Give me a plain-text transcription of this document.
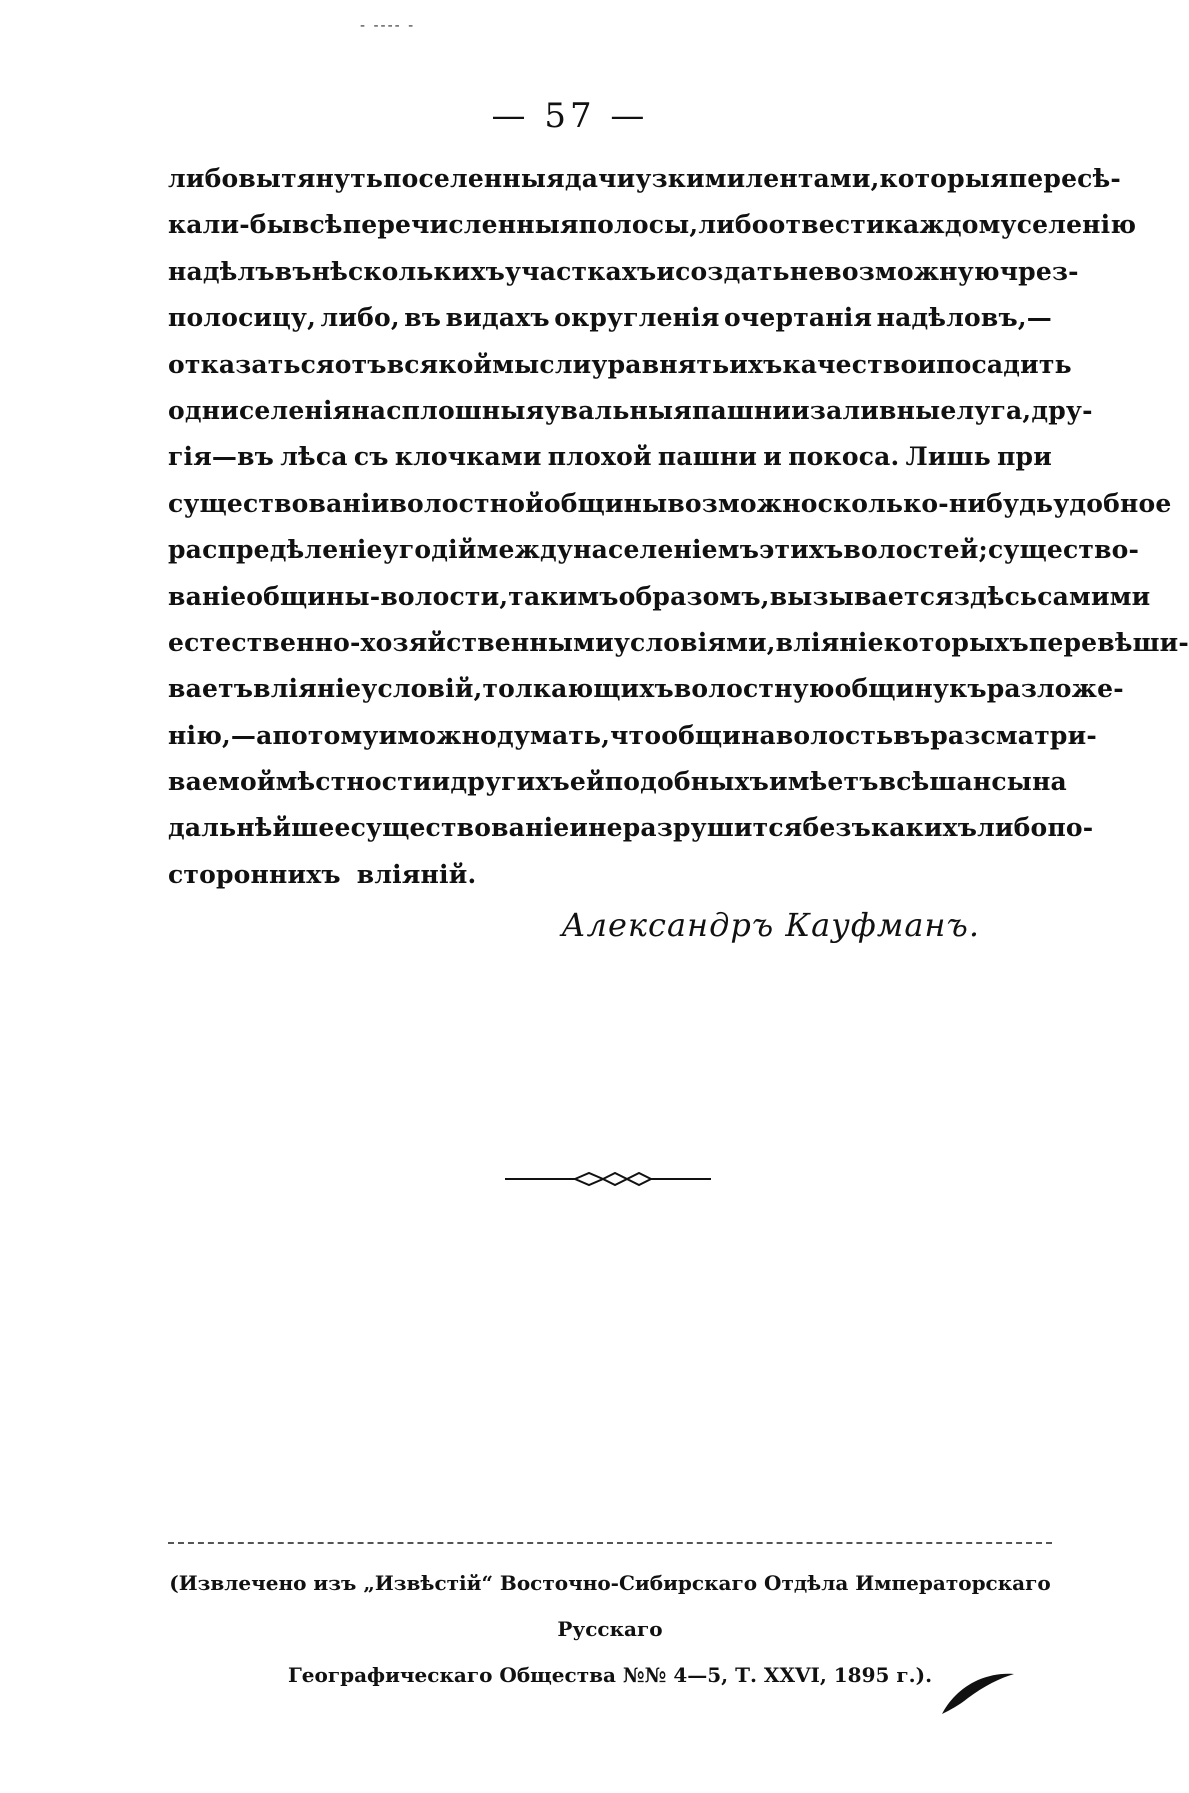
‐ ‐‐‐‐ ‐
— 57 —
либо вытянуть поселенныя дачи узкими лентами, которыя пересѣ-
кали-бы всѣ перечисленныя полосы, либо отвести каждому селенію
надѣлъ въ нѣсколькихъ участкахъ и создать невозможную чрез-
полосицу, либо, въ видахъ округленія очертанія надѣловъ,—
отказаться отъ всякой мысли уравнять ихъ качество и посадить
одни селенія на сплошныя увальныя пашни и заливные луга, дру-
гія—въ лѣса съ клочками плохой пашни и покоса. Лишь при
существованіи волостной общины возможно сколько-нибудь удобное
распредѣленіе угодій между населеніемъ этихъ волостей; существо-
ваніе общины-волости, такимъ образомъ, вызывается здѣсь самими
естественно-хозяйственными условіями, вліяніе которыхъ перевѣши-
ваетъ вліяніе условій, толкающихъ волостную общину къ разложе-
нію,—а потому и можно думать, что община волость въ разсматри-
ваемой мѣстности и другихъ ей подобныхъ имѣетъ всѣ шансы на
дальнѣйшее существованіе и не разрушится безъ какихъ либо по-
стороннихъ вліяній.
Александръ Кауфманъ.
(Извлечено изъ „Извѣстій“ Восточно-Сибирскаго Отдѣла Императорскаго Русскаго
Географическаго Общества №№ 4—5, Т. XXVI, 1895 г.).
